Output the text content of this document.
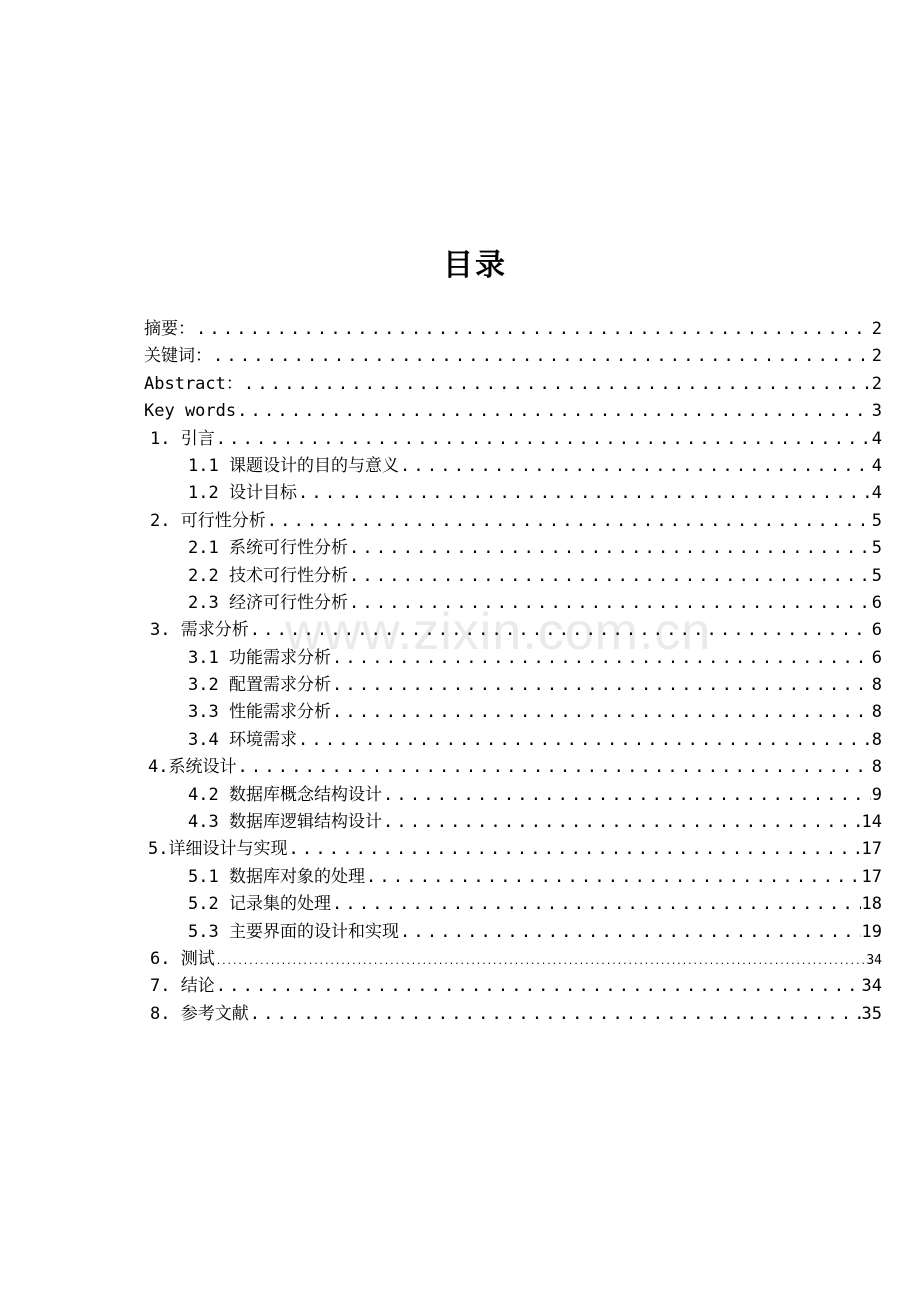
目录
www.zixin.com.cn
摘要： .....	2
关键词： .....	2
Abstract： .....	2
Key words .....	3
1. 引言 .....	4
1.1 课题设计的目的与意义 .....	4
1.2 设计目标 .....	4
2. 可行性分析 .....	5
2.1 系统可行性分析 .....	5
2.2 技术可行性分析 .....	5
2.3 经济可行性分析 .....	6
3. 需求分析 .....	6
3.1 功能需求分析 .....	6
3.2 配置需求分析 .....	8
3.3 性能需求分析 .....	8
3.4 环境需求 .....	8
4.系统设计 .....	8
4.2 数据库概念结构设计 .....	9
4.3 数据库逻辑结构设计 .....	14
5.详细设计与实现 .....	17
5.1 数据库对象的处理 .....	17
5.2 记录集的处理 .....	18
5.3 主要界面的设计和实现 .....	19
6. 测试 .....	34
7. 结论 .....	34
8. 参考文献 .....	35
